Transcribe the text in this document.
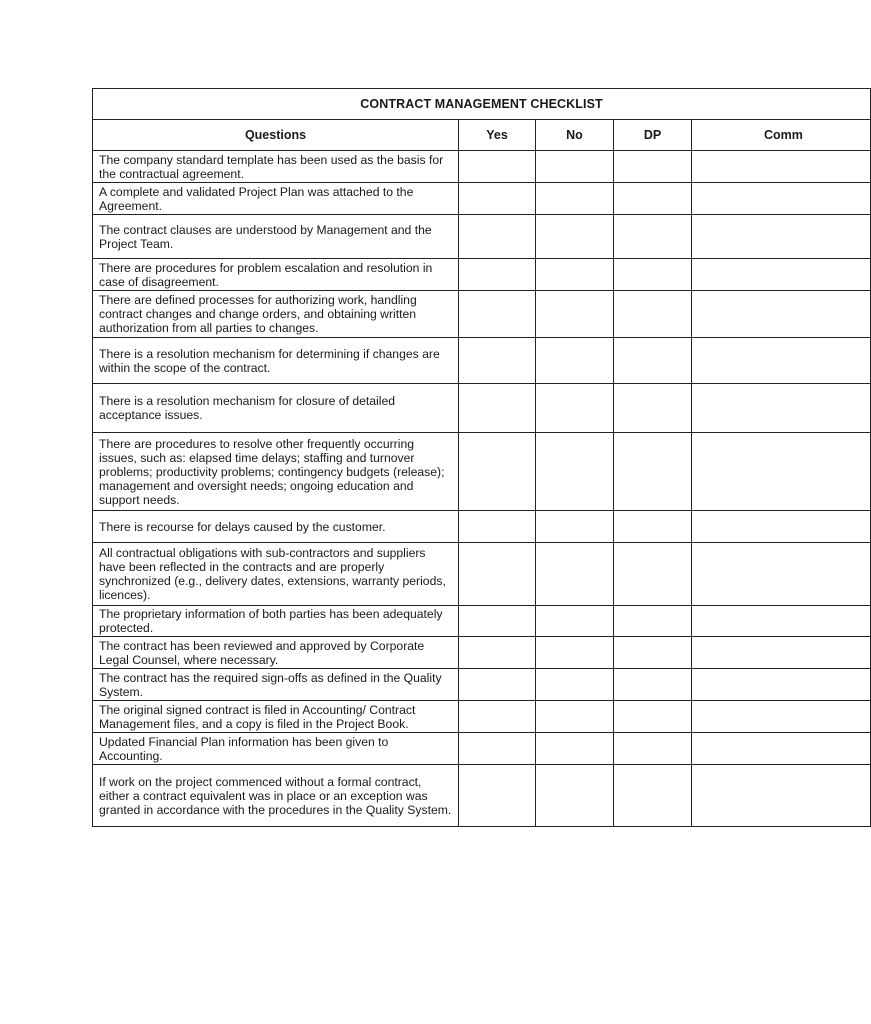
CONTRACT MANAGEMENT CHECKLIST				
Questions	Yes	No	DP	Comm
The company standard template has been used as the basis for the contractual agreement.				
A complete and validated Project Plan was attached to the Agreement.				
The contract clauses are understood by Management and the Project Team.				
There are procedures for problem escalation and resolution in case of disagreement.				
There are defined processes for authorizing work, handling contract changes and change orders, and obtaining written authorization from all parties to changes.				
There is a resolution mechanism for determining if changes are within the scope of the contract.				
There is a resolution mechanism for closure of detailed acceptance issues.				
There are procedures to resolve other frequently occurring issues, such as: elapsed time delays; staffing and turnover problems; productivity problems; contingency budgets (release); management and oversight needs; ongoing education and support needs.				
There is recourse for delays caused by the customer.				
All contractual obligations with sub-contractors and suppliers have been reflected in the contracts and are properly synchronized (e.g., delivery dates, extensions, warranty periods, licences).				
The proprietary information of both parties has been adequately protected.				
The contract has been reviewed and approved by Corporate Legal Counsel, where necessary.				
The contract has the required sign-offs as defined in the Quality System.				
The original signed contract is filed in Accounting/ Contract Management files, and a copy is filed in the Project Book.				
Updated Financial Plan information has been given to Accounting.				
If work on the project commenced without a formal contract, either a contract equivalent was in place or an exception was granted in accordance with the procedures in the Quality System.				
